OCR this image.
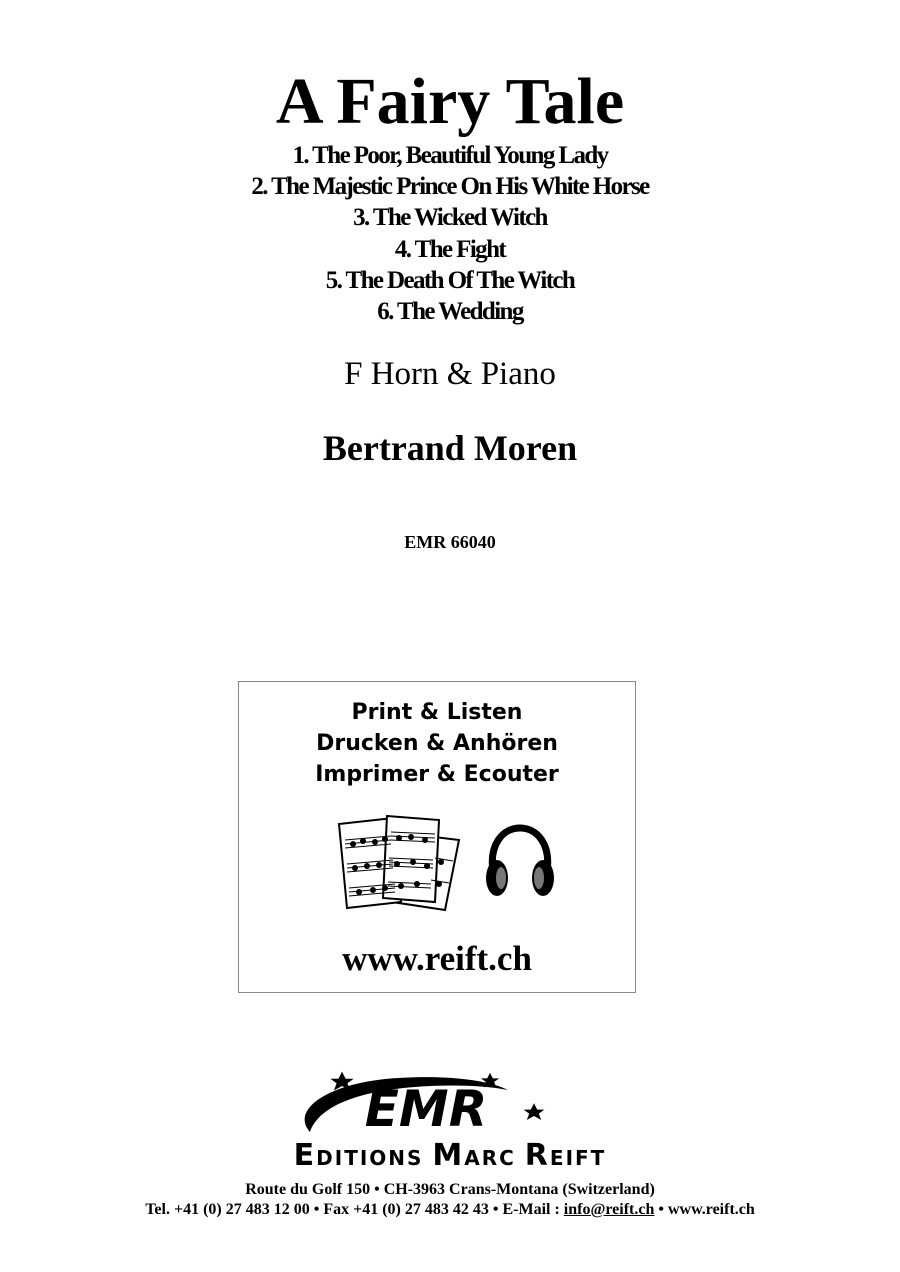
A Fairy Tale
1. The Poor, Beautiful Young Lady
2. The Majestic Prince On His White Horse
3. The Wicked Witch
4. The Fight
5. The Death Of The Witch
6. The Wedding
F Horn & Piano
Bertrand Moren
EMR 66040
Print & Listen
Drucken & Anhören
Imprimer & Ecouter
www.reift.ch
EMR
EDITIONS MARC REIFT
Route du Golf 150 • CH-3963 Crans-Montana (Switzerland)
Tel. +41 (0) 27 483 12 00 • Fax +41 (0) 27 483 42 43 • E-Mail : info@reift.ch • www.reift.ch
